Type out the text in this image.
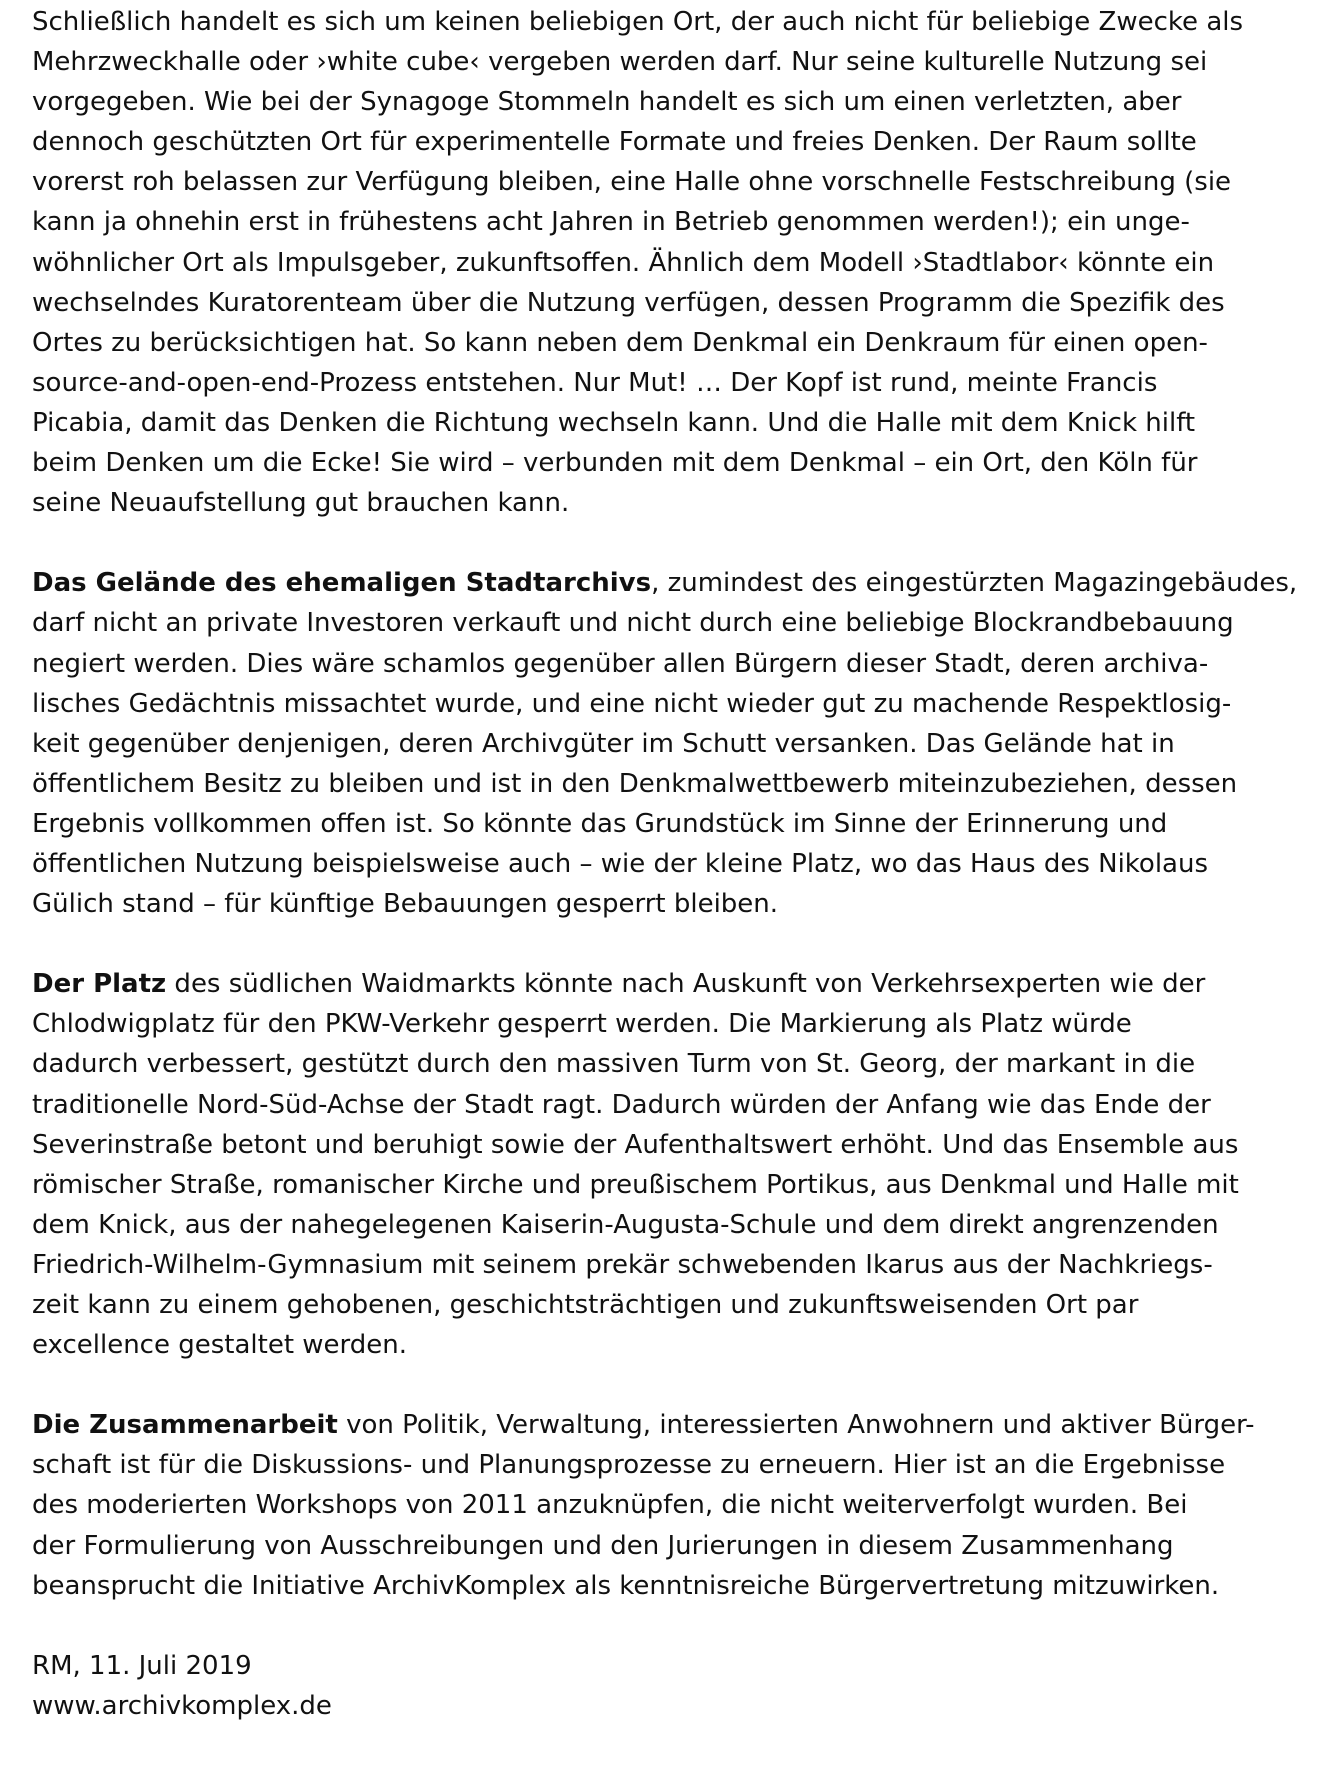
Schließlich handelt es sich um keinen beliebigen Ort, der auch nicht für beliebige Zwecke als
Mehrzweckhalle oder ›white cube‹ vergeben werden darf. Nur seine kulturelle Nutzung sei
vorgegeben. Wie bei der Synagoge Stommeln handelt es sich um einen verletzten, aber
dennoch geschützten Ort für experimentelle Formate und freies Denken. Der Raum sollte
vorerst roh belassen zur Verfügung bleiben, eine Halle ohne vorschnelle Festschreibung (sie
kann ja ohnehin erst in frühestens acht Jahren in Betrieb genommen werden!); ein unge-
wöhnlicher Ort als Impulsgeber, zukunftsoffen. Ähnlich dem Modell ›Stadtlabor‹ könnte ein
wechselndes Kuratorenteam über die Nutzung verfügen, dessen Programm die Spezifik des
Ortes zu berücksichtigen hat. So kann neben dem Denkmal ein Denkraum für einen open-
source-and-open-end-Prozess entstehen. Nur Mut! … Der Kopf ist rund, meinte Francis
Picabia, damit das Denken die Richtung wechseln kann. Und die Halle mit dem Knick hilft
beim Denken um die Ecke! Sie wird – verbunden mit dem Denkmal – ein Ort, den Köln für
seine Neuaufstellung gut brauchen kann.
Das Gelände des ehemaligen Stadtarchivs, zumindest des eingestürzten Magazingebäudes,
darf nicht an private Investoren verkauft und nicht durch eine beliebige Blockrandbebauung
negiert werden. Dies wäre schamlos gegenüber allen Bürgern dieser Stadt, deren archiva-
lisches Gedächtnis missachtet wurde, und eine nicht wieder gut zu machende Respektlosig-
keit gegenüber denjenigen, deren Archivgüter im Schutt versanken. Das Gelände hat in
öffentlichem Besitz zu bleiben und ist in den Denkmalwettbewerb miteinzubeziehen, dessen
Ergebnis vollkommen offen ist. So könnte das Grundstück im Sinne der Erinnerung und
öffentlichen Nutzung beispielsweise auch – wie der kleine Platz, wo das Haus des Nikolaus
Gülich stand – für künftige Bebauungen gesperrt bleiben.
Der Platz des südlichen Waidmarkts könnte nach Auskunft von Verkehrsexperten wie der
Chlodwigplatz für den PKW-Verkehr gesperrt werden. Die Markierung als Platz würde
dadurch verbessert, gestützt durch den massiven Turm von St. Georg, der markant in die
traditionelle Nord-Süd-Achse der Stadt ragt. Dadurch würden der Anfang wie das Ende der
Severinstraße betont und beruhigt sowie der Aufenthaltswert erhöht. Und das Ensemble aus
römischer Straße, romanischer Kirche und preußischem Portikus, aus Denkmal und Halle mit
dem Knick, aus der nahegelegenen Kaiserin-Augusta-Schule und dem direkt angrenzenden
Friedrich-Wilhelm-Gymnasium mit seinem prekär schwebenden Ikarus aus der Nachkriegs-
zeit kann zu einem gehobenen, geschichtsträchtigen und zukunftsweisenden Ort par
excellence gestaltet werden.
Die Zusammenarbeit von Politik, Verwaltung, interessierten Anwohnern und aktiver Bürger-
schaft ist für die Diskussions- und Planungsprozesse zu erneuern. Hier ist an die Ergebnisse
des moderierten Workshops von 2011 anzuknüpfen, die nicht weiterverfolgt wurden. Bei
der Formulierung von Ausschreibungen und den Jurierungen in diesem Zusammenhang
beansprucht die Initiative ArchivKomplex als kenntnisreiche Bürgervertretung mitzuwirken.
RM, 11. Juli 2019
www.archivkomplex.de
